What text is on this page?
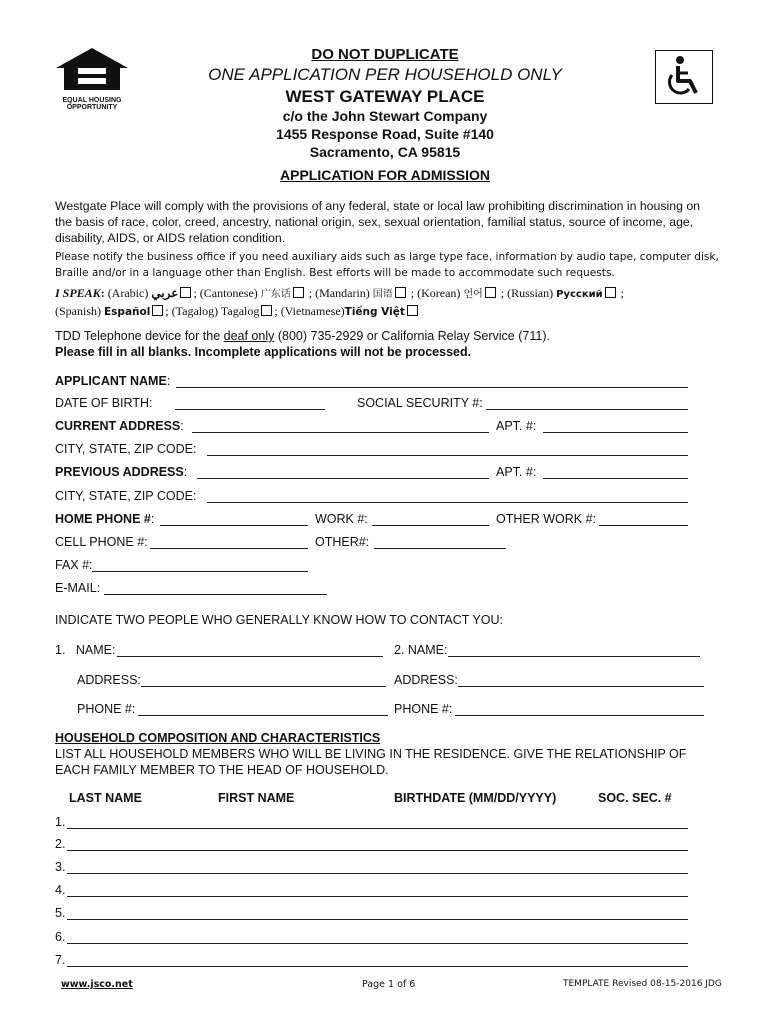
EQUAL HOUSING
OPPORTUNITY
DO NOT DUPLICATE
ONE APPLICATION PER HOUSEHOLD ONLY
WEST GATEWAY PLACE
c/o the John Stewart Company
1455 Response Road, Suite #140
Sacramento, CA 95815
APPLICATION FOR ADMISSION
Westgate Place will comply with the provisions of any federal, state or local law prohibiting discrimination in housing on the basis of race, color, creed, ancestry, national origin, sex, sexual orientation, familial status, source of income, age, disability, AIDS, or AIDS relation condition.
Please notify the business office if you need auxiliary aids such as large type face, information by audio tape, computer disk, Braille and/or in a language other than English. Best efforts will be made to accommodate such requests.
I SPEAK: (Arabic) عربي ; (Cantonese) 广东话 ; (Mandarin) 国语 ; (Korean) 언어 ; (Russian) Русский ;
(Spanish) Español ; (Tagalog) Tagalog ; (Vietnamese)Tiếng Việt
TDD Telephone device for the deaf only (800) 735-2929 or California Relay Service (711).
Please fill in all blanks. Incomplete applications will not be processed.
APPLICANT NAME:
DATE OF BIRTH:	SOCIAL SECURITY #:
CURRENT ADDRESS:	APT. #:
CITY, STATE, ZIP CODE:
PREVIOUS ADDRESS:	APT. #:
CITY, STATE, ZIP CODE:
HOME PHONE #:	WORK #:	OTHER WORK #:
CELL PHONE #:	OTHER#:
FAX #:
E-MAIL:
INDICATE TWO PEOPLE WHO GENERALLY KNOW HOW TO CONTACT YOU:
1.   NAME:	2. NAME:
ADDRESS:	ADDRESS:
PHONE #:	PHONE #:
HOUSEHOLD COMPOSITION AND CHARACTERISTICS
LIST ALL HOUSEHOLD MEMBERS WHO WILL BE LIVING IN THE RESIDENCE. GIVE THE RELATIONSHIP OF EACH FAMILY MEMBER TO THE HEAD OF HOUSEHOLD.
LAST NAME	FIRST NAME	BIRTHDATE (MM/DD/YYYY)	SOC. SEC. #
1.
2.
3.
4.
5.
6.
7.
www.jsco.net	Page 1 of 6	TEMPLATE Revised 08-15-2016 JDG
